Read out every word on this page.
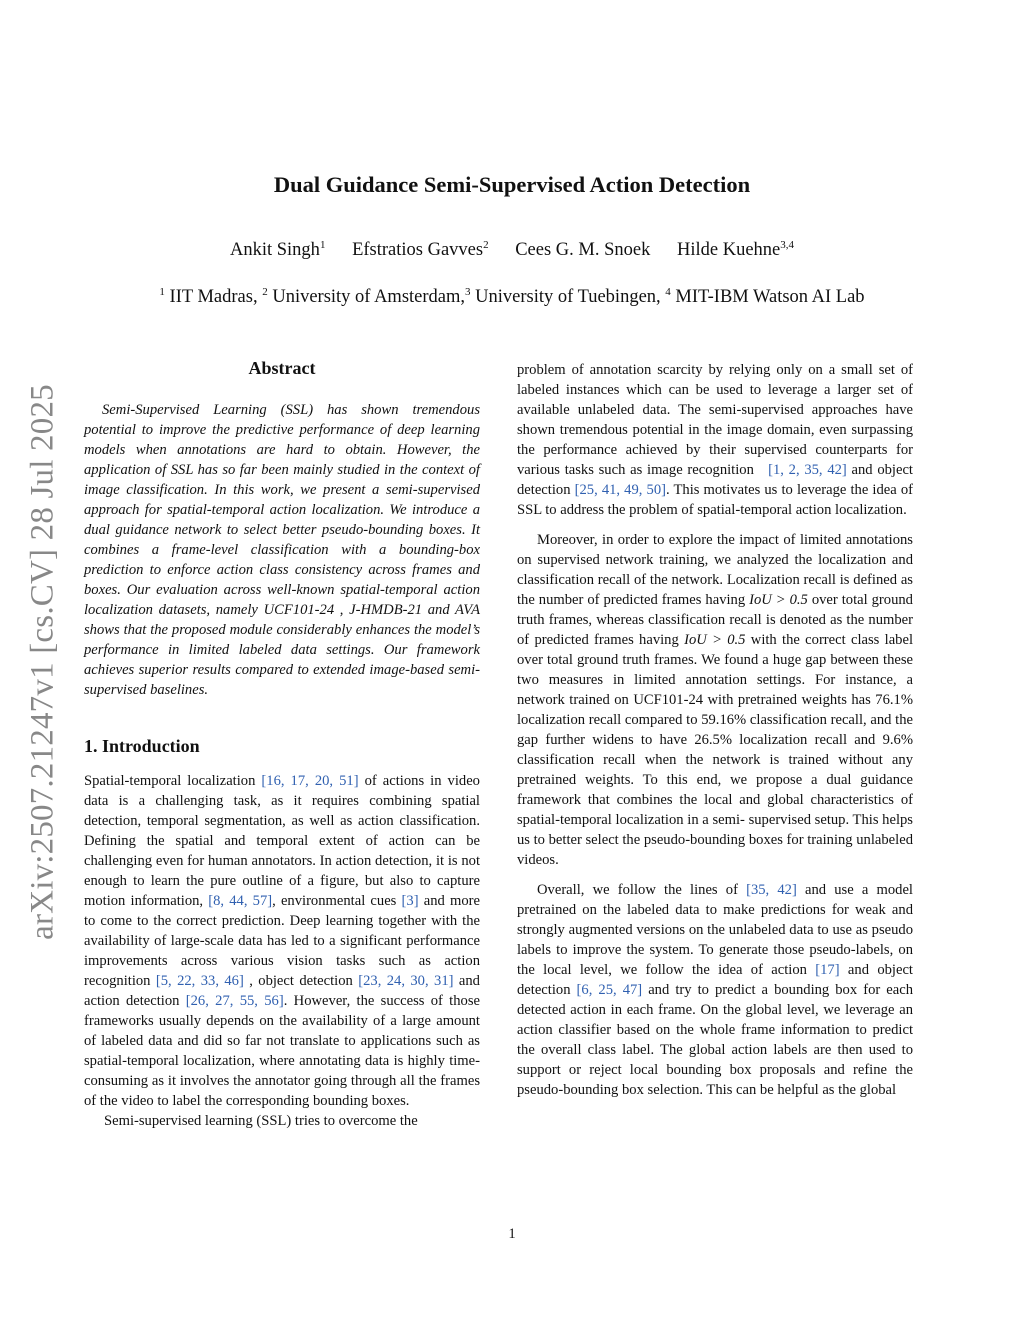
Dual Guidance Semi-Supervised Action Detection
Ankit Singh$^1$ Efstratios Gavves$^2$ Cees G. M. Snoek Hilde Kuehne$^{3,4}$
$^1$ IIT Madras, $^2$ University of Amsterdam,$^3$ University of Tuebingen, $^4$ MIT-IBM Watson AI Lab
arXiv:2507.21247v1 [cs.CV] 28 Jul 2025
Abstract

Semi-Supervised Learning (SSL) has shown tremendous potential to improve the predictive performance of deep learning models when annotations are hard to obtain. However, the application of SSL has so far been mainly studied in the context of image classification. In this work, we present a semi-supervised approach for spatial-temporal action localization. We introduce a dual guidance network to select better pseudo-bounding boxes. It combines a frame-level classification with a bounding-box prediction to enforce action class consistency across frames and boxes. Our evaluation across well-known spatial-temporal action localization datasets, namely UCF101-24 , J-HMDB-21 and AVA shows that the proposed module considerably enhances the model’s performance in limited labeled data settings. Our framework achieves superior results compared to extended image-based semi-supervised baselines.

1. Introduction

Spatial-temporal localization [16, 17, 20, 51] of actions in video data is a challenging task, as it requires combining spatial detection, temporal segmentation, as well as action classification. Defining the spatial and temporal extent of action can be challenging even for human annotators. In action detection, it is not enough to learn the pure outline of a figure, but also to capture motion information, [8, 44, 57], environmental cues [3] and more to come to the correct prediction. Deep learning together with the availability of large-scale data has led to a significant performance improvements across various vision tasks such as action recognition [5, 22, 33, 46] , object detection [23, 24, 30, 31] and action detection [26, 27, 55, 56]. However, the success of those frameworks usually depends on the availability of a large amount of labeled data and did so far not translate to applications such as spatial-temporal localization, where annotating data is highly time-consuming as it involves the annotator going through all the frames of the video to label the corresponding bounding boxes.

Semi-supervised learning (SSL) tries to overcome the

problem of annotation scarcity by relying only on a small set of labeled instances which can be used to leverage a larger set of available unlabeled data. The semi-supervised approaches have shown tremendous potential in the image domain, even surpassing the performance achieved by their supervised counterparts for various tasks such as image recognition   [1, 2, 35, 42] and object detection [25, 41, 49, 50]. This motivates us to leverage the idea of SSL to address the problem of spatial-temporal action localization.

Moreover, in order to explore the impact of limited annotations on supervised network training, we analyzed the localization and classification recall of the network. Localization recall is defined as the number of predicted frames having IoU > 0.5 over total ground truth frames, whereas classification recall is denoted as the number of predicted frames having IoU > 0.5 with the correct class label over total ground truth frames. We found a huge gap between these two measures in limited annotation settings. For instance, a network trained on UCF101-24 with pretrained weights has 76.1% localization recall compared to 59.16% classification recall, and the gap further widens to have 26.5% localization recall and 9.6% classification recall when the network is trained without any pretrained weights. To this end, we propose a dual guidance framework that combines the local and global characteristics of spatial-temporal localization in a semi- supervised setup. This helps us to better select the pseudo-bounding boxes for training unlabeled videos.

Overall, we follow the lines of [35, 42] and use a model pretrained on the labeled data to make predictions for weak and strongly augmented versions on the unlabeled data to use as pseudo labels to improve the system. To generate those pseudo-labels, on the local level, we follow the idea of action [17] and object detection [6, 25, 47] and try to predict a bounding box for each detected action in each frame. On the global level, we leverage an action classifier based on the whole frame information to predict the overall class label. The global action labels are then used to support or reject local bounding box proposals and refine the pseudo-bounding box selection. This can be helpful as the global

1
